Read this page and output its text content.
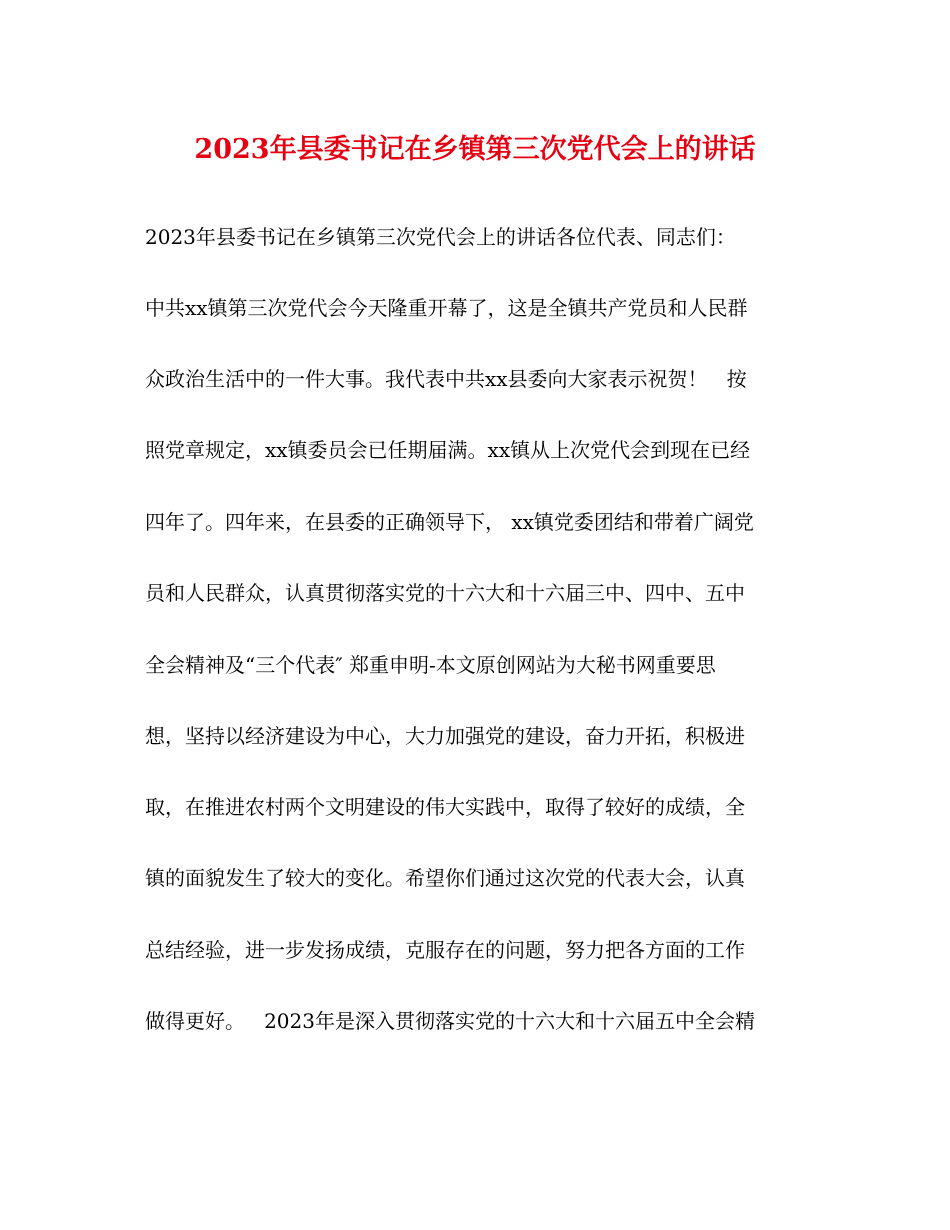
2023年县委书记在乡镇第三次党代会上的讲话

2023年县委书记在乡镇第三次党代会上的讲话各位代表、同志们：

中共xx镇第三次党代会今天隆重开幕了，这是全镇共产党员和人民群

众政治生活中的一件大事。我代表中共xx县委向大家表示祝贺！   按

照党章规定，xx镇委员会已任期届满。xx镇从上次党代会到现在已经

四年了。四年来，在县委的正确领导下， xx镇党委团结和带着广阔党

员和人民群众，认真贯彻落实党的十六大和十六届三中、四中、五中

全会精神及“三个代表″ 郑重申明-本文原创网站为大秘书网重要思

想，坚持以经济建设为中心，大力加强党的建设，奋力开拓，积极进

取，在推进农村两个文明建设的伟大实践中，取得了较好的成绩，全

镇的面貌发生了较大的变化。希望你们通过这次党的代表大会，认真

总结经验，进一步发扬成绩，克服存在的问题，努力把各方面的工作

做得更好。   2023年是深入贯彻落实党的十六大和十六届五中全会精
